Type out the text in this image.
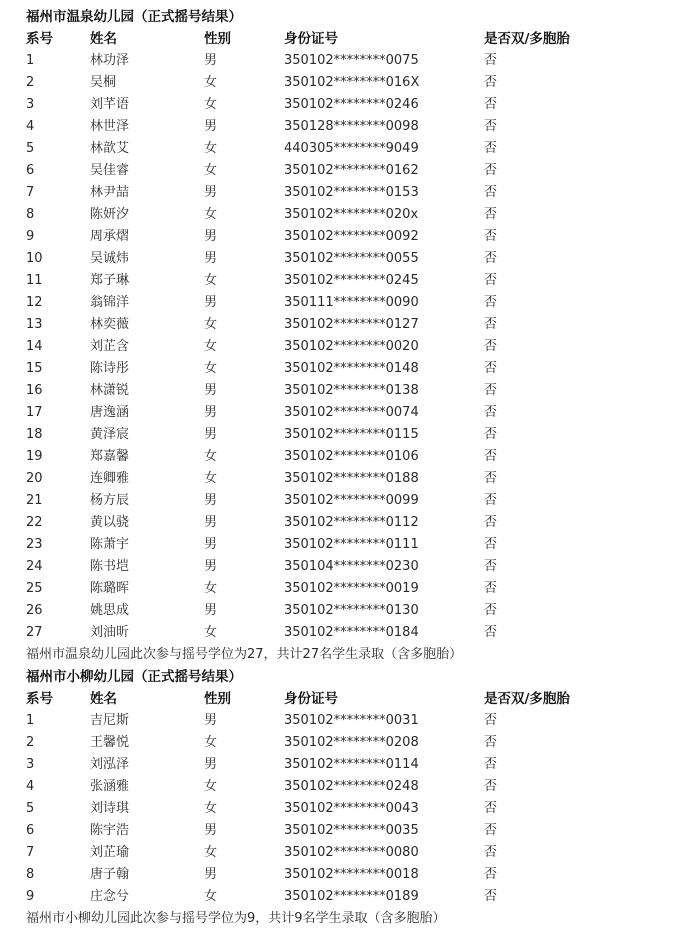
福州市温泉幼儿园（正式摇号结果）
系号	姓名	性别	身份证号	是否双/多胞胎
1	林功泽	男	350102********0075	否
2	吴桐	女	350102********016X	否
3	刘芊语	女	350102********0246	否
4	林世泽	男	350128********0098	否
5	林歆艾	女	440305********9049	否
6	吴佳睿	女	350102********0162	否
7	林尹喆	男	350102********0153	否
8	陈妍汐	女	350102********020x	否
9	周承熠	男	350102********0092	否
10	吴诚炜	男	350102********0055	否
11	郑子琳	女	350102********0245	否
12	翁锦洋	男	350111********0090	否
13	林奕薇	女	350102********0127	否
14	刘芷含	女	350102********0020	否
15	陈诗彤	女	350102********0148	否
16	林潇锐	男	350102********0138	否
17	唐逸涵	男	350102********0074	否
18	黄泽宸	男	350102********0115	否
19	郑嘉馨	女	350102********0106	否
20	连卿雅	女	350102********0188	否
21	杨方辰	男	350102********0099	否
22	黄以骁	男	350102********0112	否
23	陈萧宇	男	350102********0111	否
24	陈书垲	男	350104********0230	否
25	陈璐晖	女	350102********0019	否
26	姚思成	男	350102********0130	否
27	刘油昕	女	350102********0184	否
福州市温泉幼儿园此次参与摇号学位为27，共计27名学生录取（含多胞胎）
福州市小柳幼儿园（正式摇号结果）
系号	姓名	性别	身份证号	是否双/多胞胎
1	吉尼斯	男	350102********0031	否
2	王馨悦	女	350102********0208	否
3	刘泓泽	男	350102********0114	否
4	张涵雅	女	350102********0248	否
5	刘诗琪	女	350102********0043	否
6	陈宇浩	男	350102********0035	否
7	刘芷瑜	女	350102********0080	否
8	唐子翰	男	350102********0018	否
9	庄念兮	女	350102********0189	否
福州市小柳幼儿园此次参与摇号学位为9，共计9名学生录取（含多胞胎）
